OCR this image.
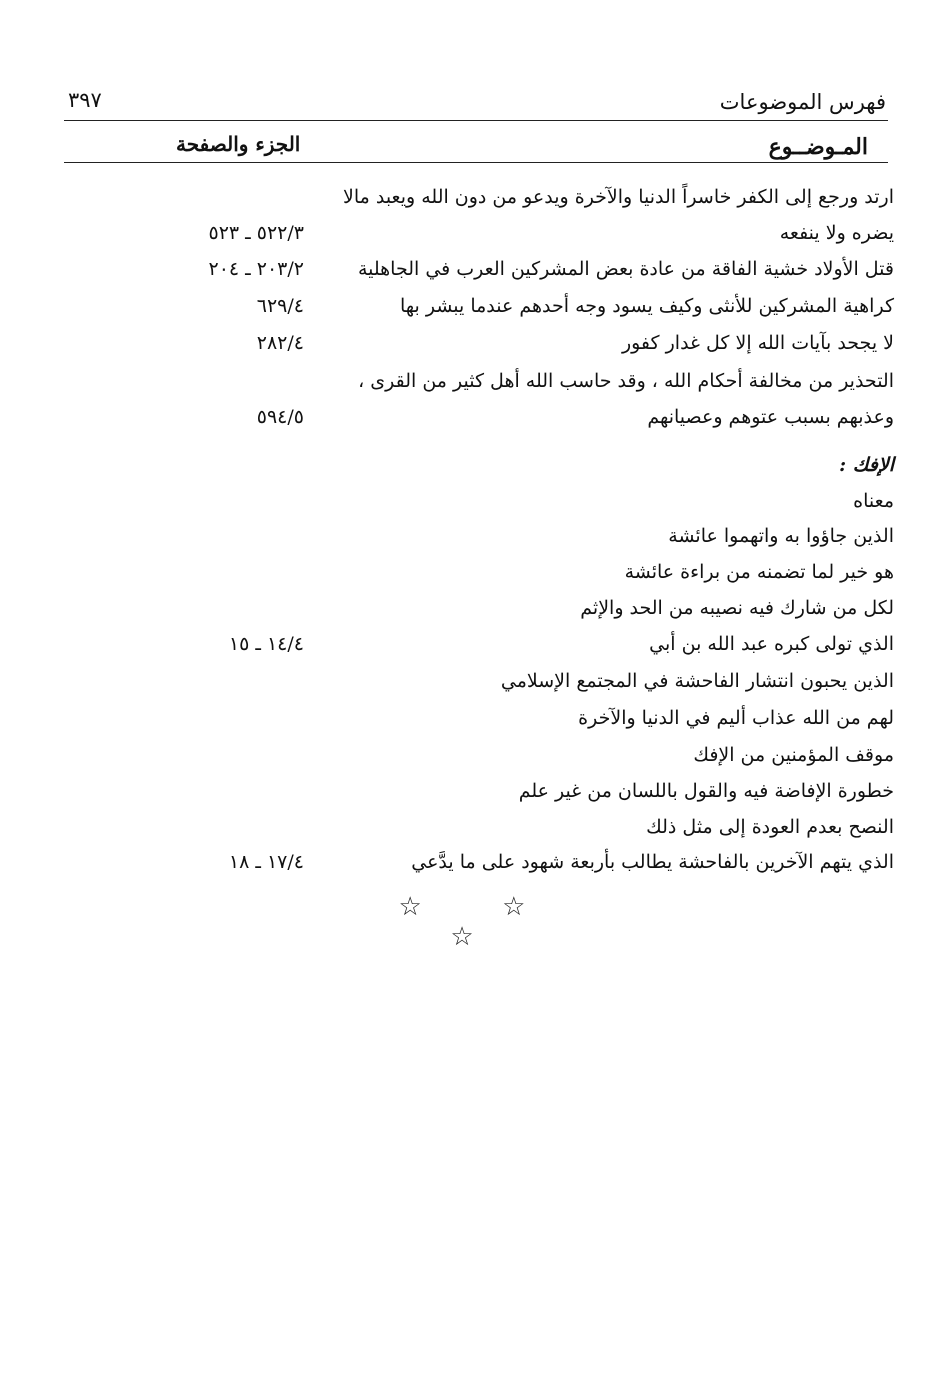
فهرس الموضوعات
٣٩٧
المـوضــوع
الجزء والصفحة
ارتد ورجع إلى الكفر خاسراً الدنيا والآخرة ويدعو من دون الله ويعبد مالا
يضره ولا ينفعه
٥٢٢/٣ ـ ٥٢٣
قتل الأولاد خشية الفاقة من عادة بعض المشركين العرب في الجاهلية
٢٠٣/٢ ـ ٢٠٤
كراهية المشركين للأنثى وكيف يسود وجه أحدهم عندما يبشر بها
٦٢٩/٤
لا يجحد بآيات الله إلا كل غدار كفور
٢٨٢/٤
التحذير من مخالفة أحكام الله ، وقد حاسب الله أهل كثير من القرى ،
وعذبهم بسبب عتوهم وعصيانهم
٥٩٤/٥
الإفك :
معناه
الذين جاؤوا به واتهموا عائشة
هو خير لما تضمنه من براءة عائشة
لكل من شارك فيه نصيبه من الحد والإثم
الذي تولى كبره عبد الله بن أبي
١٤/٤ ـ ١٥
الذين يحبون انتشار الفاحشة في المجتمع الإسلامي
لهم من الله عذاب أليم في الدنيا والآخرة
موقف المؤمنين من الإفك
خطورة الإفاضة فيه والقول باللسان من غير علم
النصح بعدم العودة إلى مثل ذلك
الذي يتهم الآخرين بالفاحشة يطالب بأربعة شهود على ما يدَّعي
١٧/٤ ـ ١٨
☆ ☆ ☆
